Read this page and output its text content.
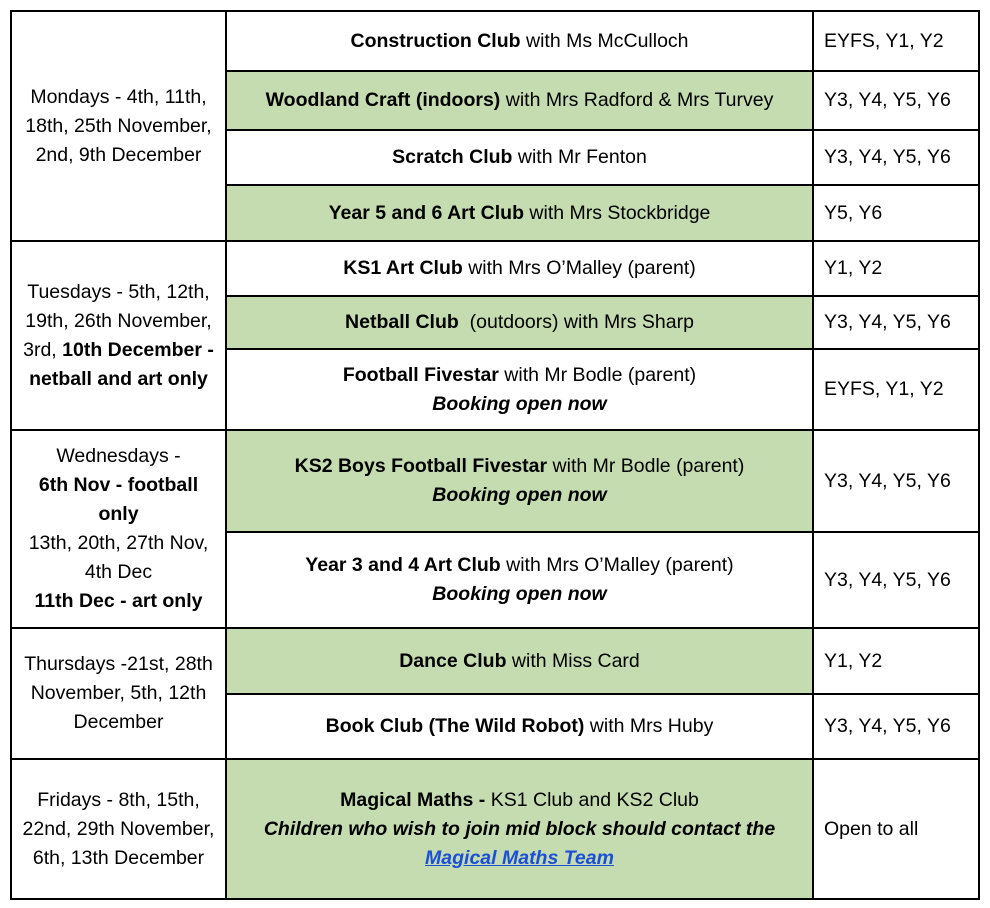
Mondays - 4th, 11th, 18th, 25th November, 2nd, 9th December	Construction Club with Ms McCulloch	EYFS, Y1, Y2
	Woodland Craft (indoors) with Mrs Radford & Mrs Turvey	Y3, Y4, Y5, Y6
	Scratch Club with Mr Fenton	Y3, Y4, Y5, Y6
	Year 5 and 6 Art Club with Mrs Stockbridge	Y5, Y6
Tuesdays - 5th, 12th, 19th, 26th November, 3rd, 10th December - netball and art only	KS1 Art Club with Mrs O’Malley (parent)	Y1, Y2
	Netball Club  (outdoors) with Mrs Sharp	Y3, Y4, Y5, Y6

	Football Fivestar with Mr Bodle (parent)
Booking open now	EYFS, Y1, Y2

Wednesdays -
6th Nov - football only
13th, 20th, 27th Nov, 4th Dec
11th Dec - art only	KS2 Boys Football Fivestar with Mr Bodle (parent)
Booking open now	Y3, Y4, Y5, Y6

	Year 3 and 4 Art Club with Mrs O’Malley (parent)
Booking open now	Y3, Y4, Y5, Y6
Thursdays -21st, 28th November, 5th, 12th December	Dance Club with Miss Card	Y1, Y2
	Book Club (The Wild Robot) with Mrs Huby	Y3, Y4, Y5, Y6
Fridays - 8th, 15th, 22nd, 29th November, 6th, 13th December	Magical Maths - KS1 Club and KS2 Club
Children who wish to join mid block should contact the
Magical Maths Team	Open to all
